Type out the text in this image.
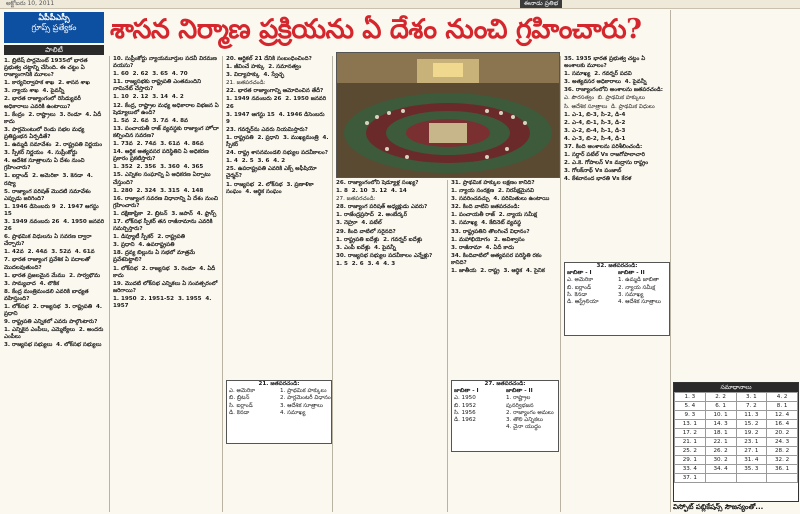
అక్టోబరు 10, 2011	ఈనాడు ప్రతిభ
ఏపీపీఎస్సీ
గ్రూప్స్ ప్రత్యేకం
పాలిటీ
శాసన నిర్మాణ ప్రక్రియను ఏ దేశం నుంచి గ్రహించారు?

1. బ్రిటిష్ పార్లమెంట్ 1935లో భారత ప్రభుత్వ చట్టాన్ని చేసింది. ఈ చట్టం ఏ రాజ్యాంగానికి మూలం?

1. కార్యనిర్వాహక శాఖ  2. శాసన శాఖ

3. న్యాయ శాఖ  4. పైవన్నీ

2. భారత రాజ్యాంగంలో రెసిడ్యువరీ అధికారాలు ఎవరికి ఉంటాయి?

1. కేంద్రం  2. రాష్ట్రాలు  3. రెండూ  4. ఏదీ కాదు

3. పార్లమెంటులో రెండు సభల మధ్య ప్రతిష్టంభన ఏర్పడితే?

1. ఉమ్మడి సమావేశం  2. రాష్ట్రపతి నిర్ణయం

3. స్పీకర్ నిర్ణయం  4. సుప్రీంకోర్టు

4. ఆదేశిక సూత్రాలను ఏ దేశం నుంచి గ్రహించారు?

1. ఐర్లాండ్  2. అమెరికా  3. కెనడా  4. రష్యా

5. రాజ్యాంగ పరిషత్ మొదటి సమావేశం ఎప్పుడు జరిగింది?

1. 1946 డిసెంబరు 9  2. 1947 ఆగస్టు 15

3. 1949 నవంబరు 26  4. 1950 జనవరి 26

6. ప్రాథమిక విధులను ఏ సవరణ ద్వారా చేర్చారు?

1. 42వ  2. 44వ  3. 52వ  4. 61వ

7. భారత రాజ్యాంగ ప్రవేశిక ఏ పదాలతో మొదలవుతుంది?

1. భారత ప్రజలమైన మేము  2. సార్వభౌమ

3. సామ్యవాద  4. లౌకిక

8. కేంద్ర మంత్రిమండలి ఎవరికి బాధ్యత వహిస్తుంది?

1. లోక్‌సభ  2. రాజ్యసభ  3. రాష్ట్రపతి  4. ప్రధాని

9. రాష్ట్రపతి ఎన్నికలో ఎవరు పాల్గొంటారు?

1. ఎన్నికైన ఎంపీలు, ఎమ్మెల్యేలు  2. అందరు ఎంపీలు

3. రాజ్యసభ సభ్యులు  4. లోక్‌సభ సభ్యులు

10. సుప్రీంకోర్టు న్యాయమూర్తుల పదవీ విరమణ వయసు?

1. 60  2. 62  3. 65  4. 70

11. రాజ్యసభకు రాష్ట్రపతి ఎంతమందిని నామినేట్ చేస్తారు?

1. 10  2. 12  3. 14  4. 2

12. కేంద్ర, రాష్ట్రాల మధ్య అధికారాల విభజన ఏ షెడ్యూలులో ఉంది?

1. 5వ  2. 6వ  3. 7వ  4. 8వ

13. పంచాయతీ రాజ్ వ్యవస్థకు రాజ్యాంగ హోదా కల్పించిన సవరణ?

1. 73వ  2. 74వ  3. 61వ  4. 86వ

14. ఆర్థిక అత్యవసర పరిస్థితిని ఏ అధికరణ ప్రకారం ప్రకటిస్తారు?

1. 352  2. 356  3. 360  4. 365

15. ఎన్నికల సంఘాన్ని ఏ అధికరణ ఏర్పాటు చేస్తుంది?

1. 280  2. 324  3. 315  4. 148

16. రాజ్యాంగ సవరణ విధానాన్ని ఏ దేశం నుంచి గ్రహించారు?

1. దక్షిణాఫ్రికా  2. బ్రిటన్  3. జపాన్  4. ఫ్రాన్స్

17. లోక్‌సభ స్పీకర్ తన రాజీనామాను ఎవరికి సమర్పిస్తారు?

1. డిప్యూటీ స్పీకర్  2. రాష్ట్రపతి

3. ప్రధాని  4. ఉపరాష్ట్రపతి

18. ద్రవ్య బిల్లును ఏ సభలో మాత్రమే ప్రవేశపెట్టాలి?

1. లోక్‌సభ  2. రాజ్యసభ  3. రెండూ  4. ఏదీ కాదు

19. మొదటి లోక్‌సభ ఎన్నికలు ఏ సంవత్సరంలో జరిగాయి?

1. 1950  2. 1951-52  3. 1955  4. 1957

20. ఆర్టికల్ 21 దేనికి సంబంధించింది?

1. జీవించే హక్కు  2. సమానత్వం

3. విద్యాహక్కు  4. స్వేచ్ఛ

21. జతపరచండి:

22. భారత రాజ్యాంగాన్ని ఆమోదించిన తేదీ?

1. 1949 నవంబరు 26  2. 1950 జనవరి 26

3. 1947 ఆగస్టు 15  4. 1946 డిసెంబరు 9

23. గవర్నర్‌ను ఎవరు నియమిస్తారు?

1. రాష్ట్రపతి  2. ప్రధాని  3. ముఖ్యమంత్రి  4. స్పీకర్

24. రాష్ట్ర శాసనమండలి సభ్యుల పదవీకాలం?

1. 4  2. 5  3. 6  4. 2

25. ఉపరాష్ట్రపతి ఎవరికి ఎక్స్ అఫీషియో చైర్మన్?

1. రాజ్యసభ  2. లోక్‌సభ  3. ప్రణాళికా సంఘం  4. ఆర్థిక సంఘం

26. రాజ్యాంగంలోని షెడ్యూళ్ల సంఖ్య?

1. 8  2. 10  3. 12  4. 14

27. జతపరచండి:

28. రాజ్యాంగ పరిషత్ అధ్యక్షుడు ఎవరు?

1. రాజేంద్రప్రసాద్  2. అంబేద్కర్

3. నెహ్రూ  4. పటేల్

29. కింది వాటిలో సరైనది?

1. రాష్ట్రపతి ఐదేళ్లు  2. గవర్నర్ ఐదేళ్లు

3. ఎంపీ ఐదేళ్లు  4. పైవన్నీ

30. రాజ్యసభ సభ్యుల పదవీకాలం ఎన్నేళ్లు?

1. 5  2. 6  3. 4  4. 3

31. ప్రాథమిక హక్కుల లక్షణం కానిది?

1. న్యాయ సంరక్షణ  2. నిరపేక్షమైనవి

3. సవరించవచ్చు  4. పరిమితులు ఉంటాయి

32. కింది వాటిని జతపరచండి:

1. పంచాయతీ రాజ్  2. న్యాయ సమీక్ష

3. సమాఖ్య  4. కేబినెట్ వ్యవస్థ

33. రాష్ట్రపతిని తొలగించే విధానం?

1. మహాభియోగం  2. అవిశ్వాసం

3. రాజీనామా  4. ఏదీ కాదు

34. కిందివాటిలో అత్యవసర పరిస్థితి రకం కానిది?

1. జాతీయ  2. రాష్ట్ర  3. ఆర్థిక  4. సైనిక

35. 1935 భారత ప్రభుత్వ చట్టం ఏ అంశాలకు మూలం?

1. సమాఖ్య  2. గవర్నర్ పదవి

3. అత్యవసర అధికారాలు  4. పైవన్నీ

36. రాజ్యాంగంలోని అంశాలను జతపరచండి:

ఎ. పౌరసత్వం  బి. ప్రాథమిక హక్కులు

సి. ఆదేశిక సూత్రాలు  డి. ప్రాథమిక విధులు

1. ఎ-1, బి-3, సి-2, డి-4

2. ఎ-4, బి-1, సి-3, డి-2

3. ఎ-2, బి-4, సి-1, డి-3

4. ఎ-3, బి-2, సి-4, డి-1

37. కింది అంశాలను పరిశీలించండి:

1. సర్దార్ పటేల్ Vs రాజగోపాలాచారి

2. ఎ.కె. గోపాలన్ Vs మద్రాసు రాష్ట్రం

3. గోలక్‌నాథ్ Vs పంజాబ్

4. కేశవానంద భారతి Vs కేరళ

21. జతపరచండి:
ఎ. అమెరికా
బి. బ్రిటన్
సి. ఐర్లాండ్
డి. కెనడా
1. ప్రాథమిక హక్కులు
2. పార్లమెంటరీ విధానం
3. ఆదేశిక సూత్రాలు
4. సమాఖ్య
27. జతపరచండి:
జాబితా - I	జాబితా - II
ఎ. 1950
బి. 1952
సి. 1956
డి. 1962
1. రాష్ట్రాల పునర్విభజన
2. రాజ్యాంగం అమలు
3. తొలి ఎన్నికలు
4. చైనా యుద్ధం
32. జతపరచండి:
జాబితా - I	జాబితా - II
ఎ. అమెరికా
బి. ఐర్లాండ్
సి. కెనడా
డి. ఆస్ట్రేలియా
1. ఉమ్మడి జాబితా
2. న్యాయ సమీక్ష
3. సమాఖ్య
4. ఆదేశిక సూత్రాలు
సమాధానాలు
1. 3	2. 2	3. 1	4. 2
5. 4	6. 1	7. 2	8. 1
9. 3	10. 1	11. 3	12. 4
13. 1	14. 3	15. 2	16. 4
17. 2	18. 1	19. 2	20. 2
21. 1	22. 1	23. 1	24. 3
25. 2	26. 2	27. 1	28. 2
29. 1	30. 2	31. 4	32. 2
33. 4	34. 4	35. 3	36. 1
37. 1			
విస్ఫోట్ పబ్లికేషన్స్ సౌజన్యంతో...
